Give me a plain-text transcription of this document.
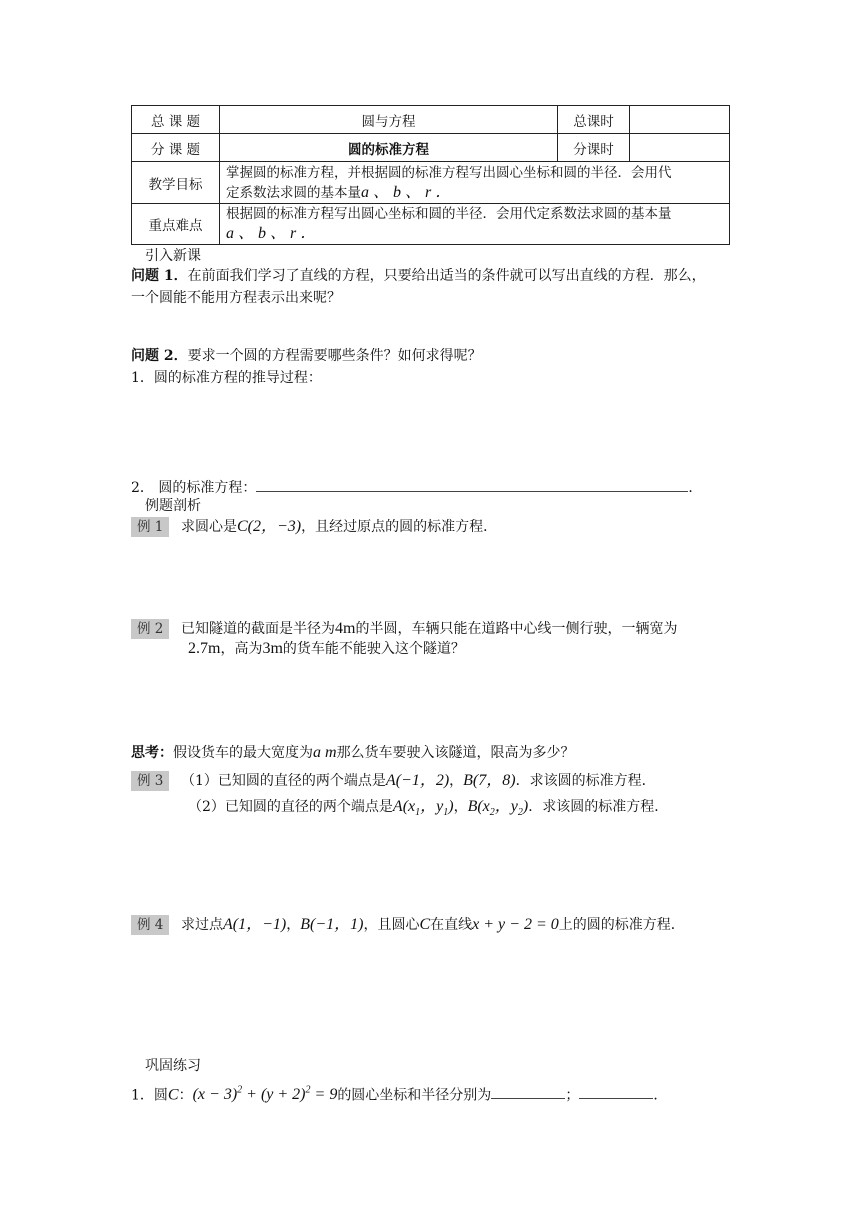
总 课 题	圆与方程	总课时	
分 课 题	圆的标准方程	分课时	
教学目标	掌握圆的标准方程，并根据圆的标准方程写出圆心坐标和圆的半径．会用代
定系数法求圆的基本量a 、 b 、 r ．		

重点难点	根据圆的标准方程写出圆心坐标和圆的半径．会用代定系数法求圆的基本量
a 、 b 、 r ．		
引入新课
问题 1．在前面我们学习了直线的方程，只要给出适当的条件就可以写出直线的方程．那么，
一个圆能不能用方程表示出来呢？
问题 2．要求一个圆的方程需要哪些条件？如何求得呢？
1．圆的标准方程的推导过程：
2． 圆的标准方程：	．
例题剖析
例 1	求圆心是C(2，−3)，且经过原点的圆的标准方程．
例 2	已知隧道的截面是半径为4m的半圆，车辆只能在道路中心线一侧行驶，一辆宽为
2.7m，高为3m的货车能不能驶入这个隧道？
思考：假设货车的最大宽度为a m那么货车要驶入该隧道，限高为多少？
例 3	（1）已知圆的直径的两个端点是A(−1，2)，B(7，8)．求该圆的标准方程．
（2）已知圆的直径的两个端点是$A(x_1$，$y_1$)，$B(x_2$，$y_2$)．求该圆的标准方程．
例 4	求过点A(1，−1)，B(−1，1)，且圆心C在直线x + y − 2 = 0上的圆的标准方程．
巩固练习
1．圆C：$(x - 3)^2 + (y + 2)^2 = 9$的圆心坐标和半径分别为	；	．
